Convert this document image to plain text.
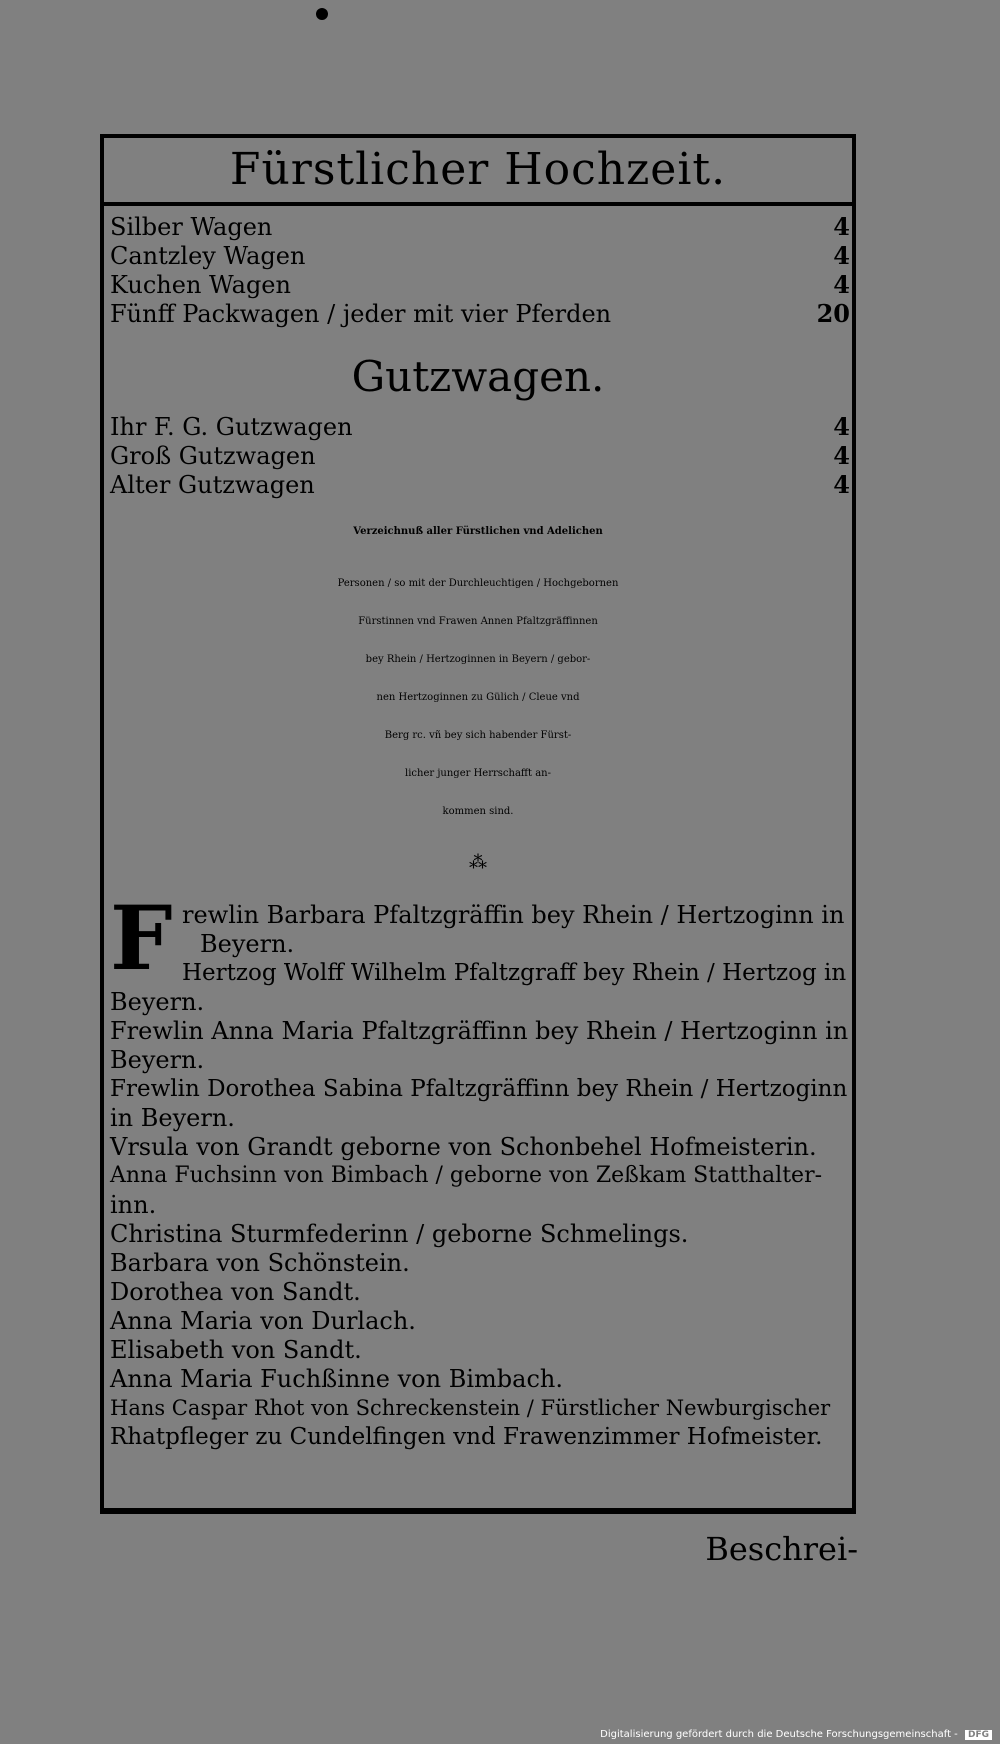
Fürstlicher Hochzeit.
Silber Wagen	4
Cantzley Wagen	4
Kuchen Wagen	4
Fünff Packwagen / jeder mit vier Pferden	20
Gutzwagen.
Ihr F. G. Gutzwagen	4
Groß Gutzwagen	4
Alter Gutzwagen	4
Verzeichnuß aller Fürstlichen vnd Adelichen
Personen / so mit der Durchleuchtigen / Hochgebornen
Fürstinnen vnd Frawen Annen Pfaltzgräffinnen
bey Rhein / Hertzoginnen in Beyern / gebor-
nen Hertzoginnen zu Gülich / Cleue vnd
Berg rc. vñ bey sich habender Fürst-
licher junger Herrschafft an-
kommen sind.
⁂
F rewlin Barbara Pfaltzgräffin bey Rhein / Hertzoginn in
Beyern.
Hertzog Wolff Wilhelm Pfaltzgraff bey Rhein / Hertzog in
Beyern.
Frewlin Anna Maria Pfaltzgräffinn bey Rhein / Hertzoginn in
Beyern.
Frewlin Dorothea Sabina Pfaltzgräffinn bey Rhein / Hertzoginn
in Beyern.
Vrsula von Grandt geborne von Schonbehel Hofmeisterin.
Anna Fuchsinn von Bimbach / geborne von Zeßkam Statthalter-
inn.
Christina Sturmfederinn / geborne Schmelings.
Barbara von Schönstein.
Dorothea von Sandt.
Anna Maria von Durlach.
Elisabeth von Sandt.
Anna Maria Fuchßinne von Bimbach.
Hans Caspar Rhot von Schreckenstein / Fürstlicher Newburgischer
Rhatpfleger zu Cundelfingen vnd Frawenzimmer Hofmeister.
Beschrei-
Digitalisierung gefördert durch die Deutsche Forschungsgemeinschaft - DFG
